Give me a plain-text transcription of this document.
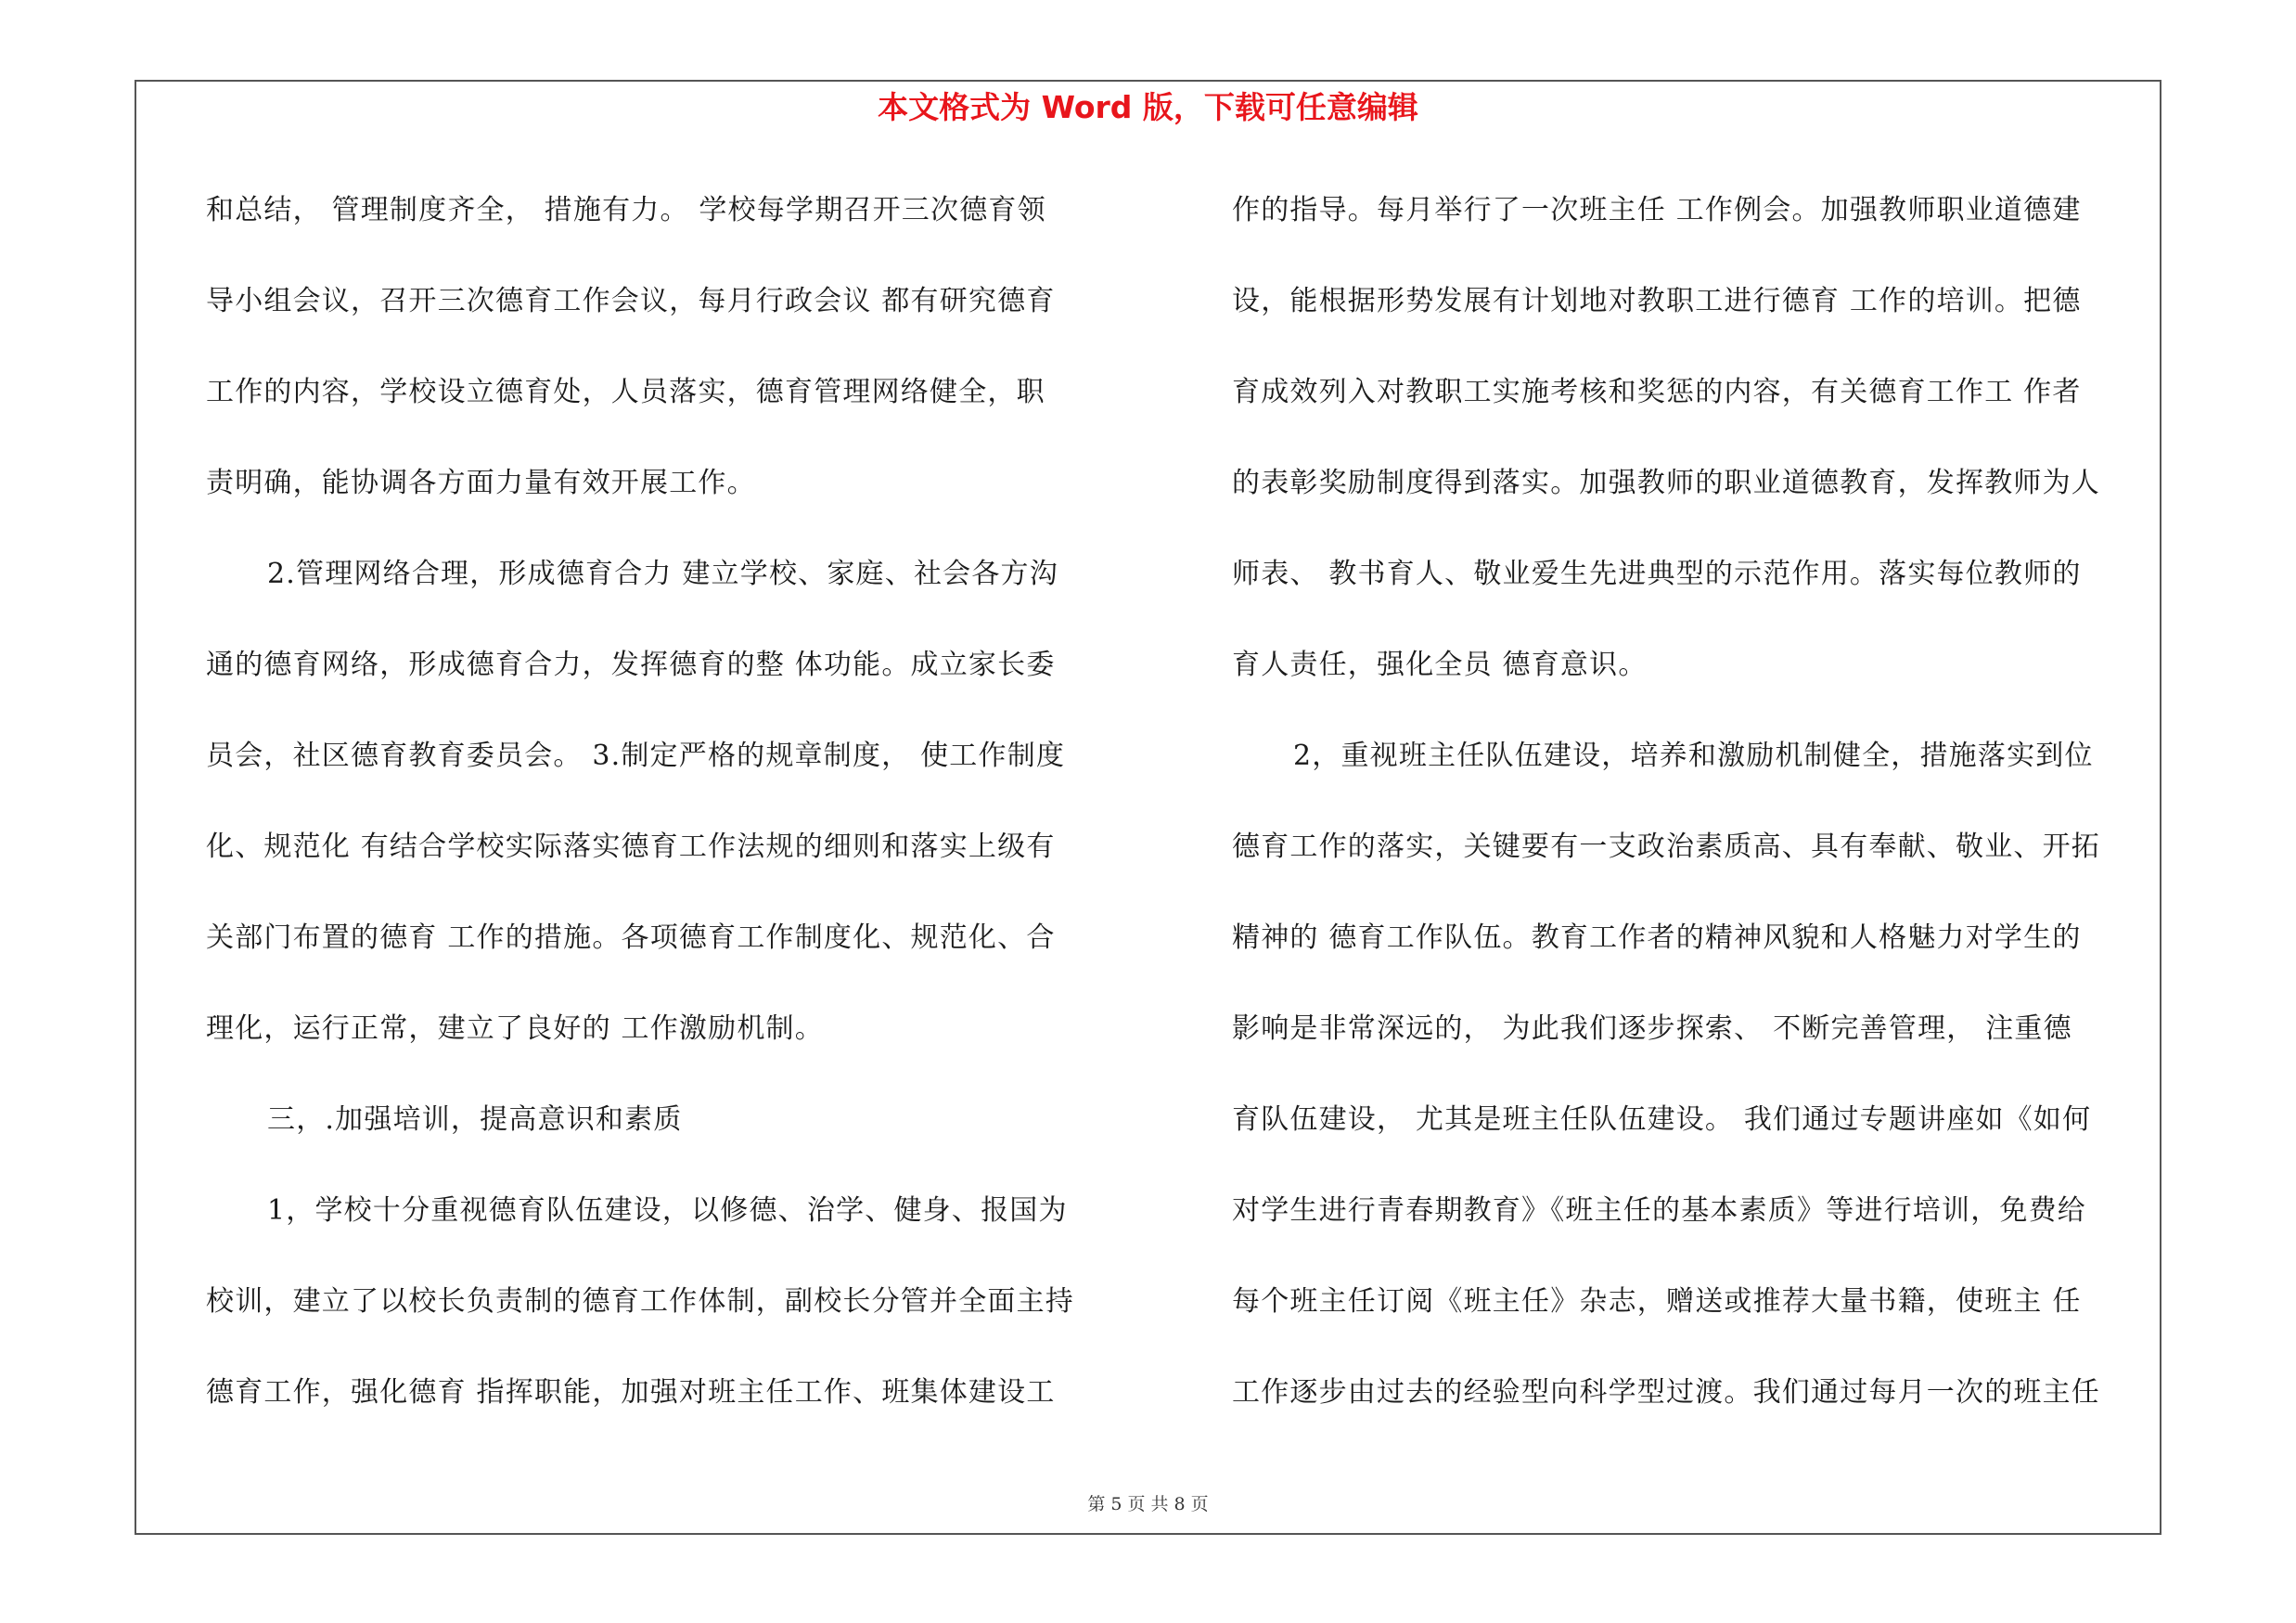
本文格式为 Word 版，下载可任意编辑
和总结， 管理制度齐全， 措施有力。 学校每学期召开三次德育领
导小组会议，召开三次德育工作会议，每月行政会议 都有研究德育
工作的内容，学校设立德育处，人员落实，德育管理网络健全，职
责明确，能协调各方面力量有效开展工作。
2.管理网络合理，形成德育合力 建立学校、家庭、社会各方沟
通的德育网络，形成德育合力，发挥德育的整 体功能。成立家长委
员会，社区德育教育委员会。 3.制定严格的规章制度， 使工作制度
化、规范化 有结合学校实际落实德育工作法规的细则和落实上级有
关部门布置的德育 工作的措施。各项德育工作制度化、规范化、合
理化，运行正常，建立了良好的 工作激励机制。
三，.加强培训，提高意识和素质
1，学校十分重视德育队伍建设，以修德、治学、健身、报国为
校训，建立了以校长负责制的德育工作体制，副校长分管并全面主持
德育工作，强化德育 指挥职能，加强对班主任工作、班集体建设工
作的指导。每月举行了一次班主任 工作例会。加强教师职业道德建
设，能根据形势发展有计划地对教职工进行德育 工作的培训。把德
育成效列入对教职工实施考核和奖惩的内容，有关德育工作工 作者
的表彰奖励制度得到落实。加强教师的职业道德教育，发挥教师为人
师表、 教书育人、敬业爱生先进典型的示范作用。落实每位教师的
育人责任，强化全员 德育意识。
2，重视班主任队伍建设，培养和激励机制健全，措施落实到位
德育工作的落实，关键要有一支政治素质高、具有奉献、敬业、开拓
精神的 德育工作队伍。教育工作者的精神风貌和人格魅力对学生的
影响是非常深远的， 为此我们逐步探索、 不断完善管理， 注重德
育队伍建设， 尤其是班主任队伍建设。 我们通过专题讲座如《如何
对学生进行青春期教育》《班主任的基本素质》等进行培训，免费给
每个班主任订阅《班主任》杂志，赠送或推荐大量书籍，使班主 任
工作逐步由过去的经验型向科学型过渡。我们通过每月一次的班主任
第 5 页 共 8 页
